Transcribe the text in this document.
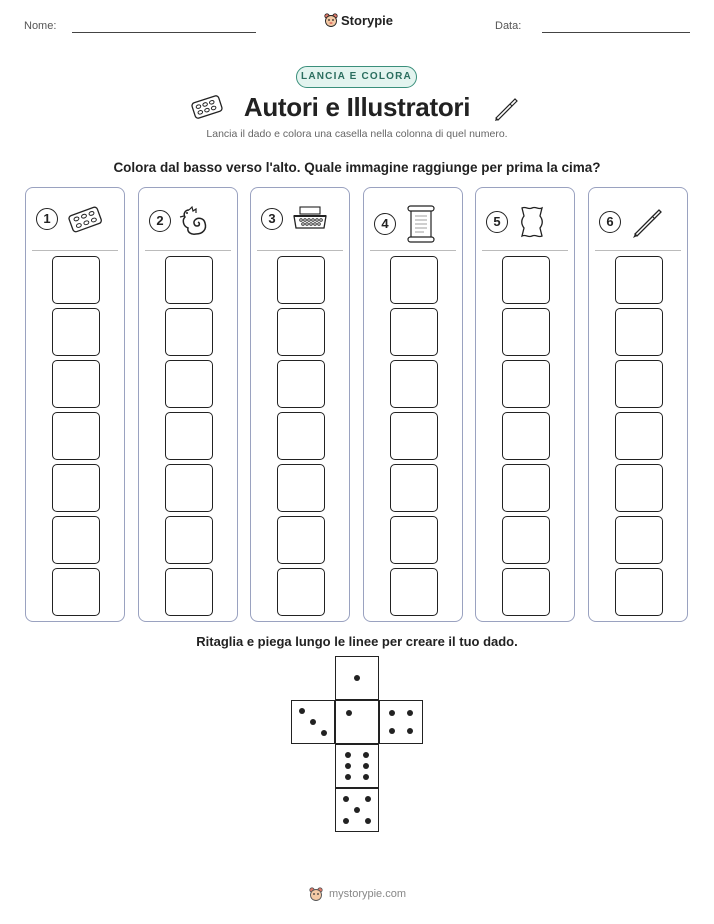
Nome:	Storypie	Data:
LANCIA E COLORA
Autori e Illustratori
Lancia il dado e colora una casella nella colonna di quel numero.
Colora dal basso verso l'alto. Quale immagine raggiunge per prima la cima?
1	2	3	4	5	6
Ritaglia e piega lungo le linee per creare il tuo dado.
mystorypie.com
